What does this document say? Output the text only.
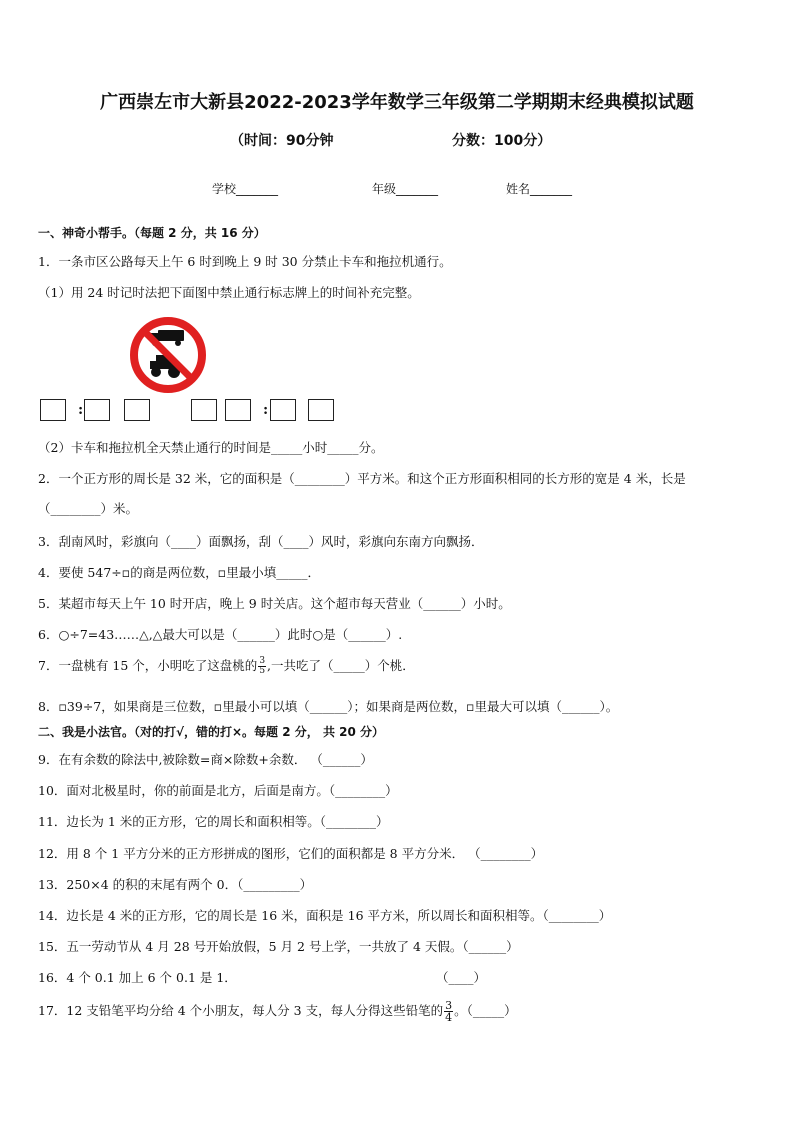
广西崇左市大新县2022-2023学年数学三年级第二学期期末经典模拟试题
（时间：90分钟	分数：100分）
学校_______	年级_______	姓名_______
一、神奇小帮手。（每题 2 分，共 16 分）
1．一条市区公路每天上午 6 时到晚上 9 时 30 分禁止卡车和拖拉机通行。
（1）用 24 时记时法把下面图中禁止通行标志牌上的时间补充完整。
:	:
（2）卡车和拖拉机全天禁止通行的时间是_____小时_____分。
2．一个正方形的周长是 32 米，它的面积是（________）平方米。和这个正方形面积相同的长方形的宽是 4 米，长是
（________）米。
3．刮南风时，彩旗向（____）面飘扬，刮（____）风时，彩旗向东南方向飘扬．
4．要使 547÷▫的商是两位数，▫里最小填_____．
5．某超市每天上午 10 时开店，晚上 9 时关店。这个超市每天营业（______）小时。
6．○÷7=43……△,△最大可以是（______）此时○是（______）.
7．一盘桃有 15 个，小明吃了这盘桃的 $\frac{3}{5}$ ,一共吃了（_____）个桃．
8．▫39÷7，如果商是三位数，▫里最小可以填（______）；如果商是两位数，▫里最大可以填（______）。
二、我是小法官。（对的打√，错的打×。每题 2 分， 共 20 分）
9．在有余数的除法中,被除数=商×除数+余数． （______）
10．面对北极星时，你的前面是北方，后面是南方。（________）
11．边长为 1 米的正方形，它的周长和面积相等。（________）
12．用 8 个 1 平方分米的正方形拼成的图形，它们的面积都是 8 平方分米． （________）
13．250×4 的积的末尾有两个 0．（_________）
14．边长是 4 米的正方形，它的周长是 16 米，面积是 16 平方米，所以周长和面积相等。（________）
15．五一劳动节从 4 月 28 号开始放假，5 月 2 号上学，一共放了 4 天假。（______）
16．4 个 0.1 加上 6 个 0.1 是 1．	（____）
17．12 支铅笔平均分给 4 个小朋友，每人分 3 支，每人分得这些铅笔的 $\frac{3}{4}$ 。（_____）
